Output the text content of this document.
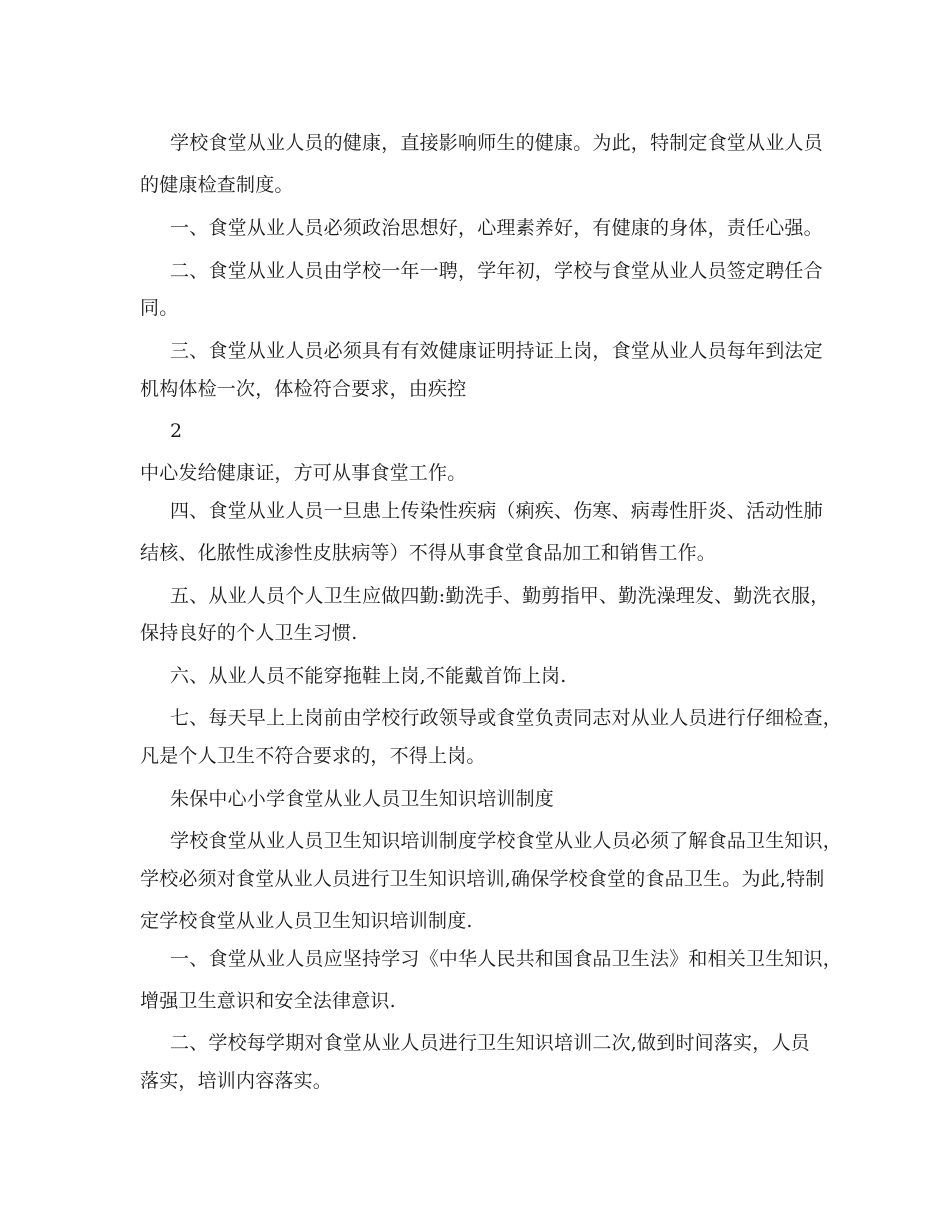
学校食堂从业人员的健康，直接影响师生的健康。为此，特制定食堂从业人员
的健康检查制度。
一、食堂从业人员必须政治思想好，心理素养好，有健康的身体，责任心强。
二、食堂从业人员由学校一年一聘，学年初，学校与食堂从业人员签定聘任合
同。
三、食堂从业人员必须具有有效健康证明持证上岗，食堂从业人员每年到法定
机构体检一次，体检符合要求，由疾控
2
中心发给健康证，方可从事食堂工作。
四、食堂从业人员一旦患上传染性疾病（痢疾、伤寒、病毒性肝炎、活动性肺
结核、化脓性成渗性皮肤病等）不得从事食堂食品加工和销售工作。
五、从业人员个人卫生应做四勤:勤洗手、勤剪指甲、勤洗澡理发、勤洗衣服，
保持良好的个人卫生习惯.
六、从业人员不能穿拖鞋上岗,不能戴首饰上岗.
七、每天早上上岗前由学校行政领导或食堂负责同志对从业人员进行仔细检查，
凡是个人卫生不符合要求的，不得上岗。
朱保中心小学食堂从业人员卫生知识培训制度
学校食堂从业人员卫生知识培训制度学校食堂从业人员必须了解食品卫生知识，
学校必须对食堂从业人员进行卫生知识培训,确保学校食堂的食品卫生。为此,特制
定学校食堂从业人员卫生知识培训制度.
一、食堂从业人员应坚持学习《中华人民共和国食品卫生法》和相关卫生知识，
增强卫生意识和安全法律意识.
二、学校每学期对食堂从业人员进行卫生知识培训二次,做到时间落实，人员
落实，培训内容落实。
